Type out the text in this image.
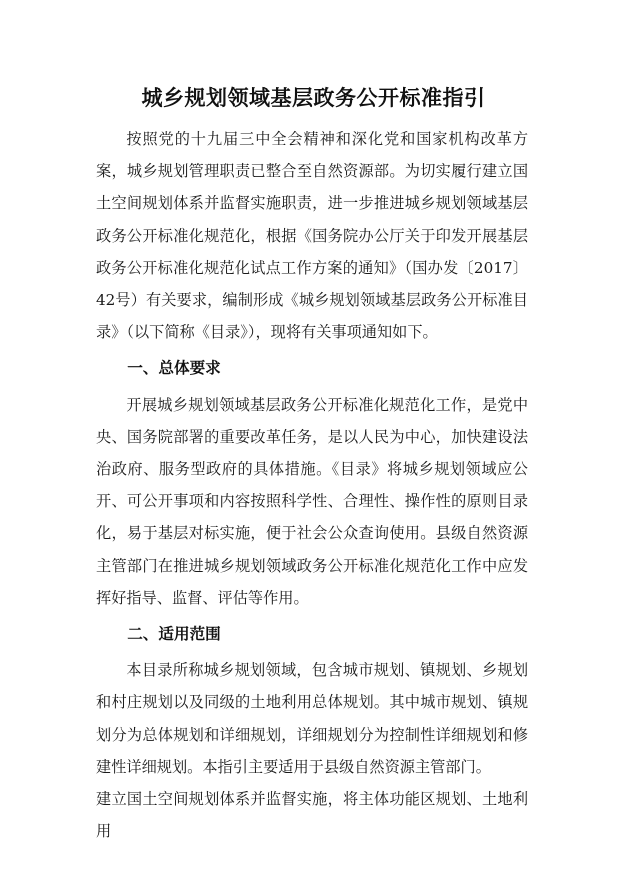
城乡规划领域基层政务公开标准指引

按照党的十九届三中全会精神和深化党和国家机构改革方案，城乡规划管理职责已整合至自然资源部。为切实履行建立国土空间规划体系并监督实施职责，进一步推进城乡规划领域基层政务公开标准化规范化，根据《国务院办公厅关于印发开展基层政务公开标准化规范化试点工作方案的通知》（国办发〔2017〕42号）有关要求，编制形成《城乡规划领域基层政务公开标准目录》（以下简称《目录》），现将有关事项通知如下。

一、总体要求

开展城乡规划领域基层政务公开标准化规范化工作，是党中央、国务院部署的重要改革任务，是以人民为中心，加快建设法治政府、服务型政府的具体措施。《目录》将城乡规划领域应公开、可公开事项和内容按照科学性、合理性、操作性的原则目录化，易于基层对标实施，便于社会公众查询使用。县级自然资源主管部门在推进城乡规划领域政务公开标准化规范化工作中应发挥好指导、监督、评估等作用。

二、适用范围

本目录所称城乡规划领域，包含城市规划、镇规划、乡规划和村庄规划以及同级的土地利用总体规划。其中城市规划、镇规划分为总体规划和详细规划，详细规划分为控制性详细规划和修建性详细规划。本指引主要适用于县级自然资源主管部门。

建立国土空间规划体系并监督实施，将主体功能区规划、土地利用
